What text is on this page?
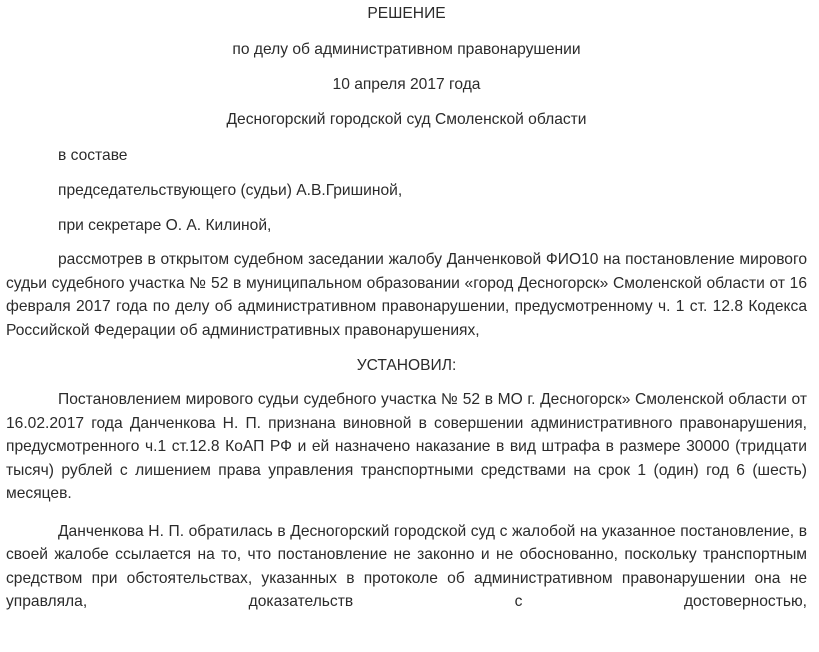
РЕШЕНИЕ
по делу об административном правонарушении
10 апреля 2017 года
Десногорский городской суд Смоленской области
в составе
председательствующего (судьи) А.В.Гришиной,
при секретаре О. А. Килиной,

рассмотрев в открытом судебном заседании жалобу Данченковой ФИО10 на постановление мирового судьи судебного участка № 52 в муниципальном образовании «город Десногорск» Смоленской области от 16 февраля 2017 года по делу об административном правонарушении, предусмотренному ч. 1 ст. 12.8 Кодекса Российской Федерации об административных правонарушениях,

УСТАНОВИЛ:

Постановлением мирового судьи судебного участка № 52 в МО г. Десногорск» Смоленской области от 16.02.2017 года Данченкова Н. П. признана виновной в совершении административного правонарушения, предусмотренного ч.1 ст.12.8 КоАП РФ и ей назначено наказание в вид штрафа в размере 30000 (тридцати тысяч) рублей с лишением права управления транспортными средствами на срок 1 (один) год 6 (шесть) месяцев.

Данченкова Н. П. обратилась в Десногорский городской суд с жалобой на указанное постановление, в своей жалобе ссылается на то, что постановление не законно и не обоснованно, поскольку транспортным средством при обстоятельствах, указанных в протоколе об административном правонарушении она не управляла, доказательств с достоверностью,
